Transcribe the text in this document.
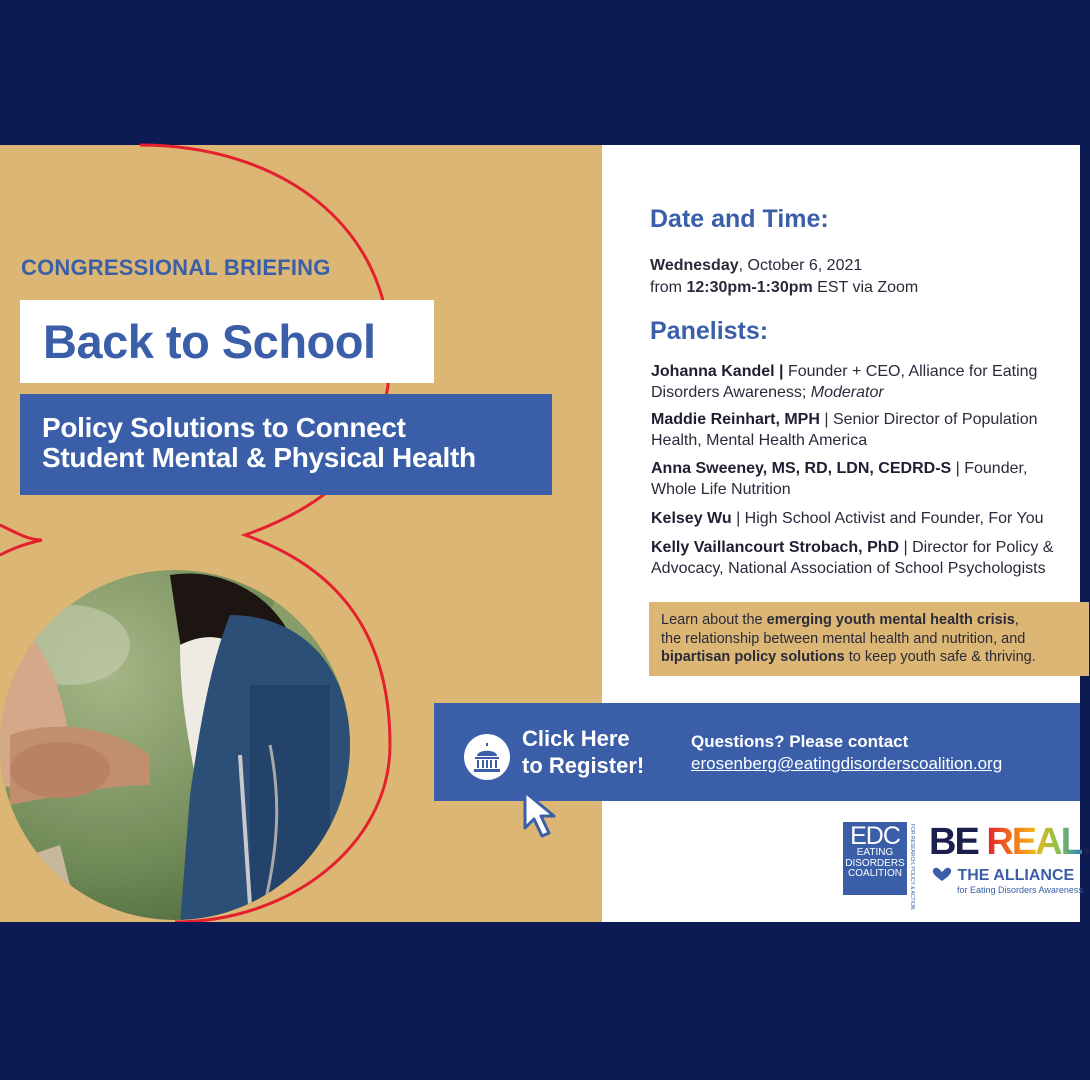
CONGRESSIONAL BRIEFING
Back to School
Policy Solutions to Connect
Student Mental & Physical Health
Date and Time:
Wednesday, October 6, 2021
from 12:30pm-1:30pm EST via Zoom
Panelists:
Johanna Kandel | Founder + CEO, Alliance for Eating
Disorders Awareness; Moderator
Maddie Reinhart, MPH | Senior Director of Population
Health, Mental Health America
Anna Sweeney, MS, RD, LDN, CEDRD-S | Founder,
Whole Life Nutrition
Kelsey Wu | High School Activist and Founder, For You
Kelly Vaillancourt Strobach, PhD | Director for Policy &
Advocacy, National Association of School Psychologists
Learn about the emerging youth mental health crisis,
the relationship between mental health and nutrition, and
bipartisan policy solutions to keep youth safe & thriving.
Click Here
to Register!
Questions? Please contact
erosenberg@eatingdisorderscoalition.org
EDC
EATING
DISORDERS
COALITION	FOR RESEARCH, POLICY & ACTION BE REAL.
THE ALLIANCE
for Eating Disorders Awareness
